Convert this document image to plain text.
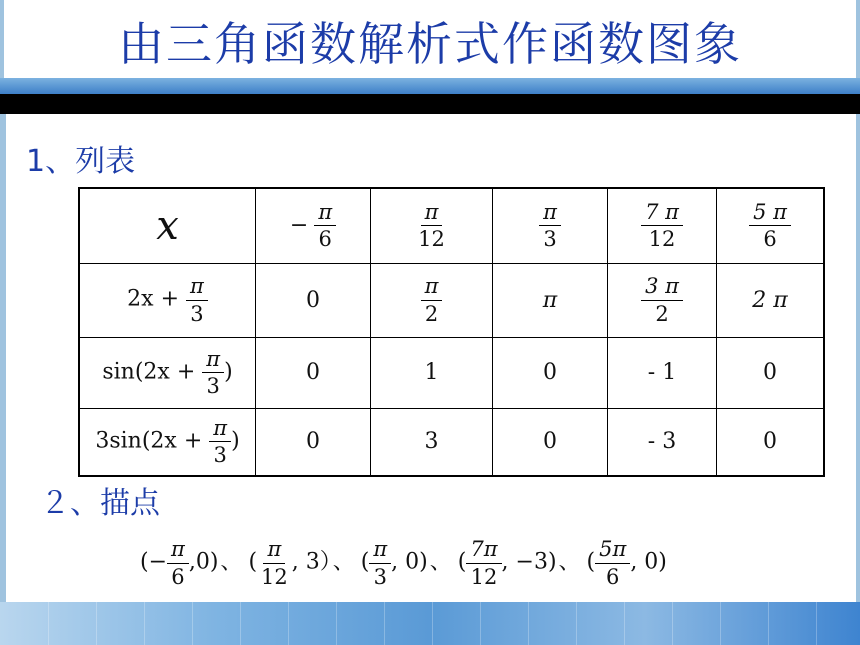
由三角函数解析式作函数图象
1、列表
x	− $\frac{\pi}{6}$	$\frac{\pi}{12}$	$\frac{\pi}{3}$	$\frac{7 \pi}{12}$	$\frac{5 \pi}{6}$

$2x + \frac{\pi}{3}$	0	$\frac{\pi}{2}$	π	$\frac{3 \pi}{2}$	2 π
$\sin(2x + \frac{\pi}{3}$ )	0	1	0	- 1	0
$3\sin(2x + \frac{\pi}{3}$ )	0	3	0	- 3	0
２、描点
(− $\frac{\pi}{6} ,0$)、 ( $\frac{\pi}{12}$ , 3）、 ( $\frac{\pi}{3}$ , 0)、 ( $\frac{7\pi}{12}$ , −3)、 ( $\frac{5\pi}{6}$ , 0)
